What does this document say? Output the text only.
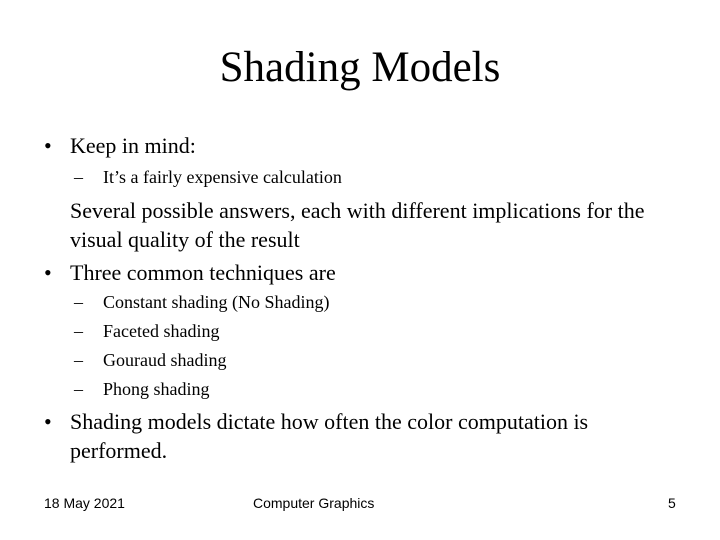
Shading Models
• Keep in mind:
– It’s a fairly expensive calculation
Several possible answers, each with different implications for the visual quality of the result
• Three common techniques are
– Constant shading (No Shading)
– Faceted shading
– Gouraud shading
– Phong shading
• Shading models dictate how often the color computation is performed.
18 May 2021	Computer Graphics	5
